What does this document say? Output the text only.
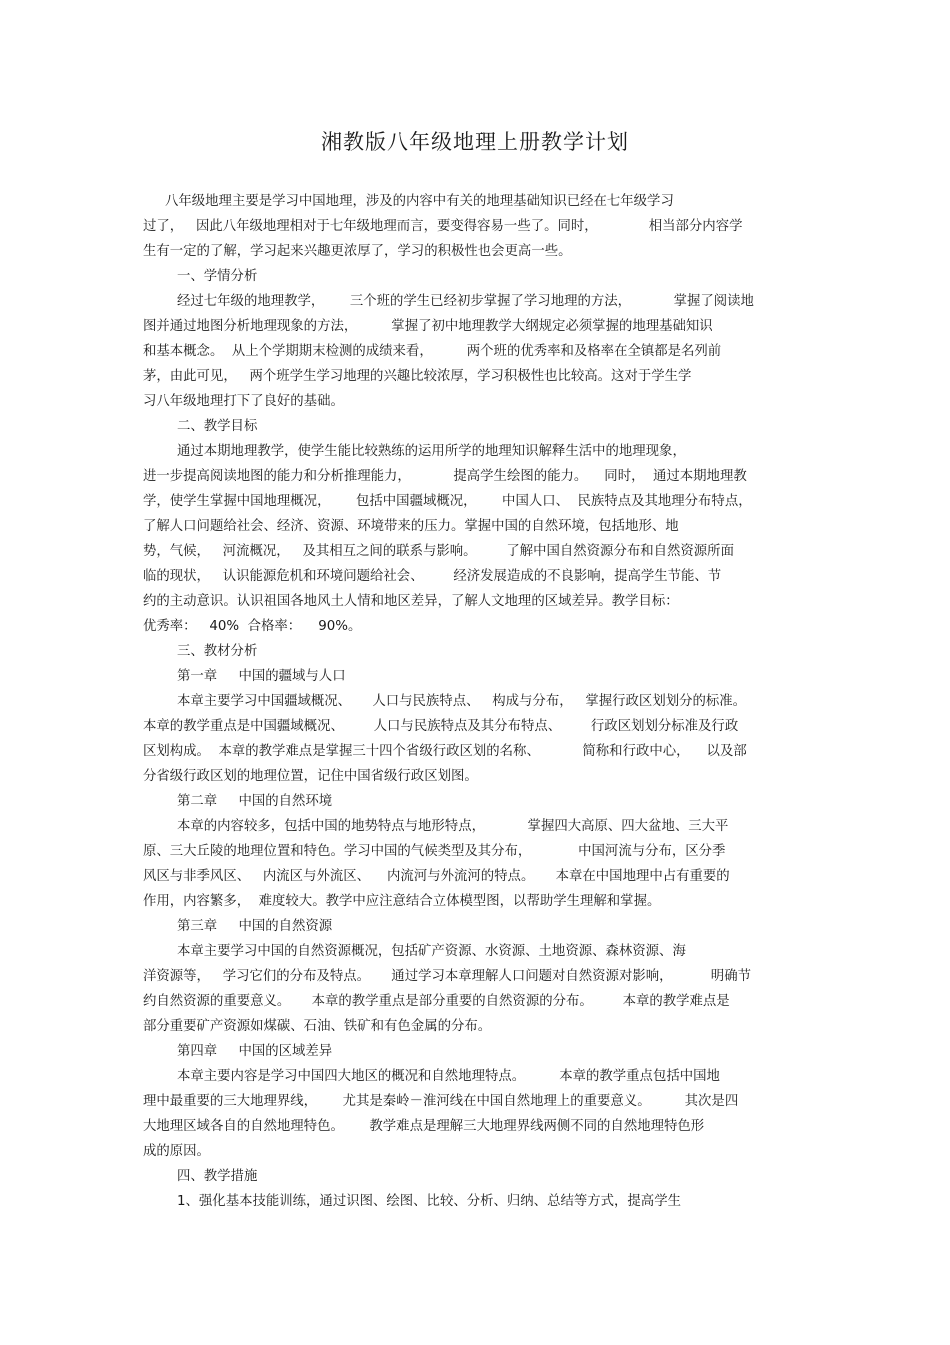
湘教版八年级地理上册教学计划
八年级地理主要是学习中国地理，涉及的内容中有关的地理基础知识已经在七年级学习
过了，   因此八年级地理相对于七年级地理而言，要变得容易一些了。同时，            相当部分内容学
生有一定的了解，学习起来兴趣更浓厚了，学习的积极性也会更高一些。
一、学情分析
经过七年级的地理教学，      三个班的学生已经初步掌握了学习地理的方法，          掌握了阅读地
图并通过地图分析地理现象的方法，        掌握了初中地理教学大纲规定必须掌握的地理基础知识
和基本概念。  从上个学期期末检测的成绩来看，        两个班的优秀率和及格率在全镇都是名列前
茅，由此可见，   两个班学生学习地理的兴趣比较浓厚，学习积极性也比较高。这对于学生学
习八年级地理打下了良好的基础。
二、教学目标
通过本期地理教学，使学生能比较熟练的运用所学的地理知识解释生活中的地理现象，
进一步提高阅读地图的能力和分析推理能力，          提高学生绘图的能力。    同时，  通过本期地理教
学，使学生掌握中国地理概况，      包括中国疆域概况，      中国人口、  民族特点及其地理分布特点，
了解人口问题给社会、经济、资源、环境带来的压力。掌握中国的自然环境，包括地形、地
势，气候，   河流概况，   及其相互之间的联系与影响。       了解中国自然资源分布和自然资源所面
临的现状，   认识能源危机和环境问题给社会、       经济发展造成的不良影响，提高学生节能、节
约的主动意识。认识祖国各地风土人情和地区差异，了解人文地理的区域差异。教学目标：
优秀率：   40%  合格率：    90%。
三、教材分析
第一章     中国的疆域与人口
本章主要学习中国疆域概况、     人口与民族特点、   构成与分布，   掌握行政区划划分的标准。
本章的教学重点是中国疆域概况、       人口与民族特点及其分布特点、       行政区划划分标准及行政
区划构成。  本章的教学难点是掌握三十四个省级行政区划的名称、          简称和行政中心，    以及部
分省级行政区划的地理位置，记住中国省级行政区划图。
第二章     中国的自然环境
本章的内容较多，包括中国的地势特点与地形特点，          掌握四大高原、四大盆地、三大平
原、三大丘陵的地理位置和特色。学习中国的气候类型及其分布，           中国河流与分布，区分季
风区与非季风区、   内流区与外流区、    内流河与外流河的特点。     本章在中国地理中占有重要的
作用，内容繁多，  难度较大。教学中应注意结合立体模型图，以帮助学生理解和掌握。
第三章     中国的自然资源
本章主要学习中国的自然资源概况，包括矿产资源、水资源、土地资源、森林资源、海
洋资源等，   学习它们的分布及特点。     通过学习本章理解人口问题对自然资源对影响，         明确节
约自然资源的重要意义。     本章的教学重点是部分重要的自然资源的分布。       本章的教学难点是
部分重要矿产资源如煤碳、石油、铁矿和有色金属的分布。
第四章     中国的区域差异
本章主要内容是学习中国四大地区的概况和自然地理特点。        本章的教学重点包括中国地
理中最重要的三大地理界线，      尤其是秦岭－淮河线在中国自然地理上的重要意义。        其次是四
大地理区域各自的自然地理特色。      教学难点是理解三大地理界线两侧不同的自然地理特色形
成的原因。
四、教学措施
1、强化基本技能训练，通过识图、绘图、比较、分析、归纳、总结等方式，提高学生
